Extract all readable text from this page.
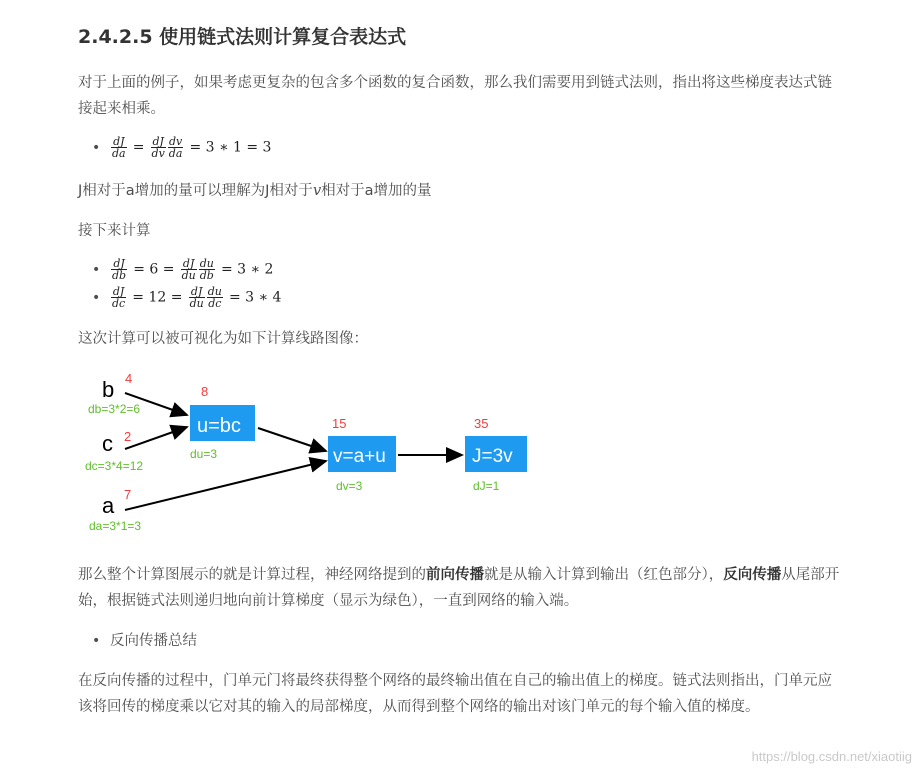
2.4.2.5 使用链式法则计算复合表达式

对于上面的例子，如果考虑更复杂的包含多个函数的复合函数，那么我们需要用到链式法则，指出将这些梯度表达式链接起来相乘。

• $\frac{dJ}{da} = \frac{dJ}{dv} \frac{dv}{da} = 3$ ∗ 1 = 3

J相对于a增加的量可以理解为J相对于v相对于a增加的量

接下来计算

• $\frac{dJ}{db} = 6 = \frac{dJ}{du} \frac{du}{db} = 3$ ∗ 2
• $\frac{dJ}{dc} = 12 = \frac{dJ}{du} \frac{du}{dc} = 3$ ∗ 4

这次计算可以被可视化为如下计算线路图像：

b 4
db=3*2=6
c 2
dc=3*4=12
a 7
da=3*1=3
8
u=bc
du=3
15
v=a+u
dv=3
35
J=3v
dJ=1

那么整个计算图展示的就是计算过程，神经网络提到的前向传播就是从输入计算到输出（红色部分），反向传播从尾部开始，根据链式法则递归地向前计算梯度（显示为绿色），一直到网络的输入端。

• 反向传播总结

在反向传播的过程中，门单元门将最终获得整个网络的最终输出值在自己的输出值上的梯度。链式法则指出，门单元应该将回传的梯度乘以它对其的输入的局部梯度，从而得到整个网络的输出对该门单元的每个输入值的梯度。

https://blog.csdn.net/xiaotiig
